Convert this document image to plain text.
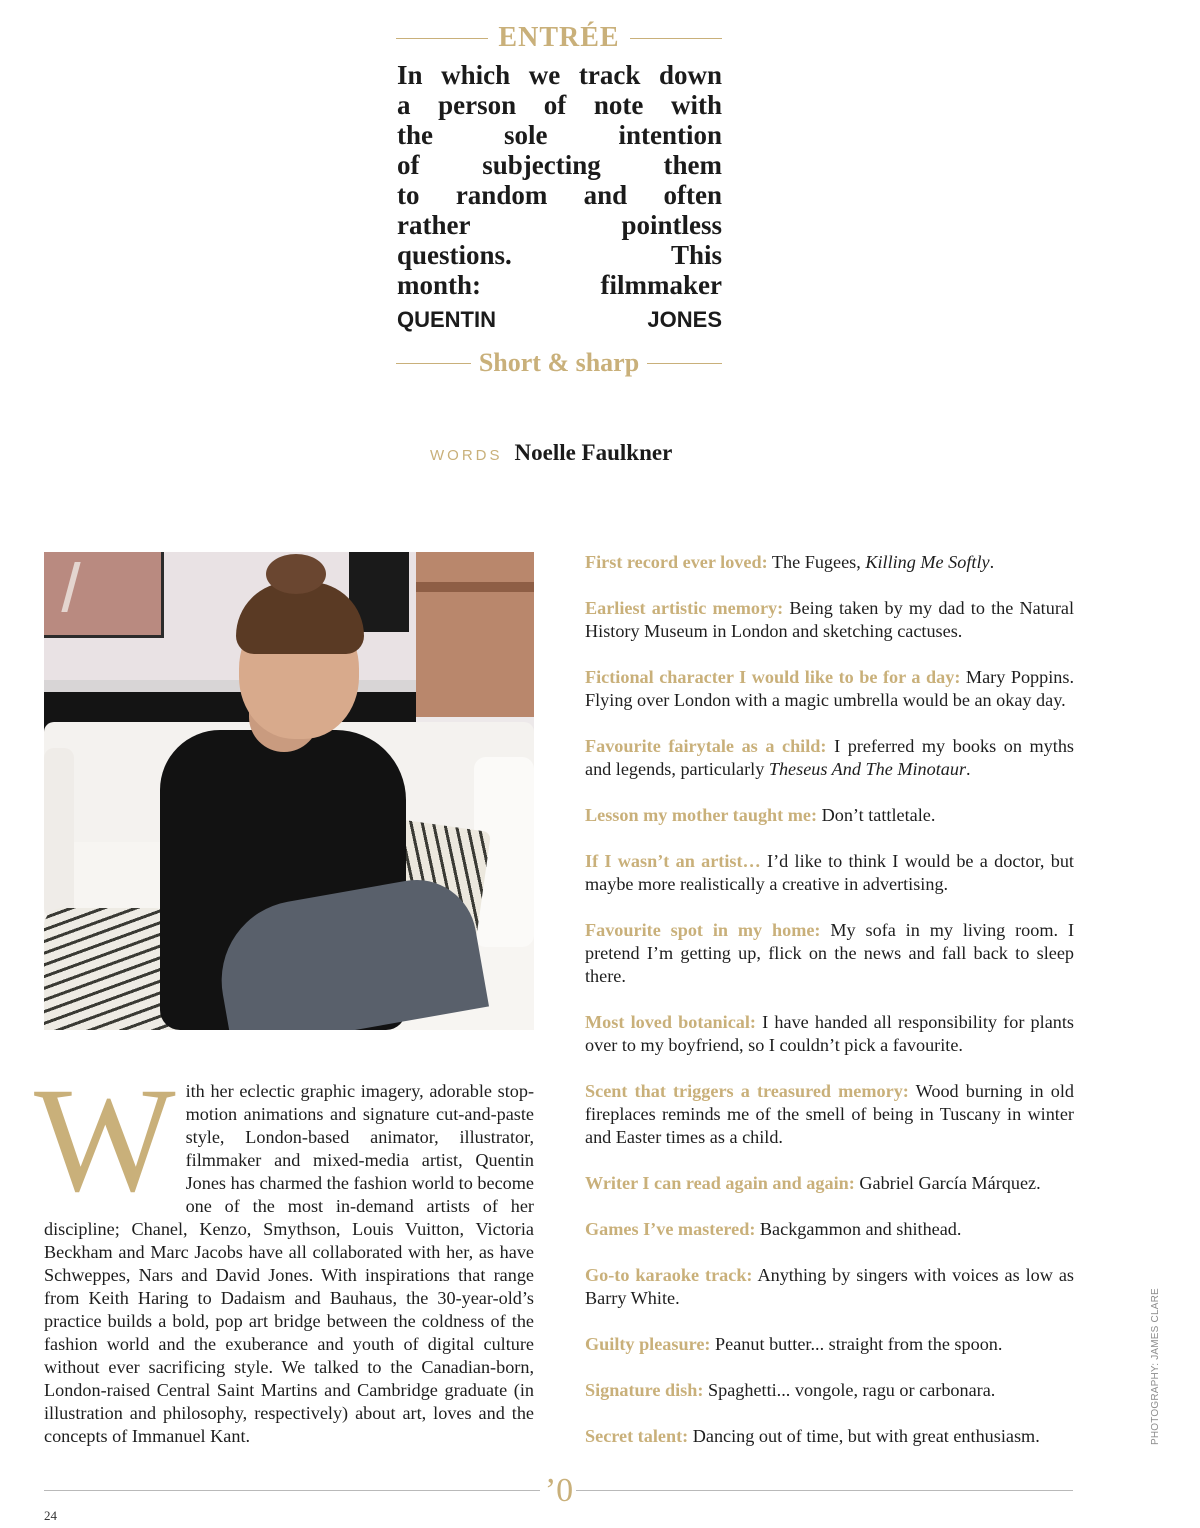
ENTRÉE
In which we track down
a person of note with
the	sole	intention
of subjecting them
to random and often
rather	pointless
questions.	This
month:	filmmaker
QUENTIN	JONES
Short & sharp
WORDS Noelle Faulkner
W ith her eclectic graphic imagery, adorable stop-motion animations and signature cut-and-paste style, London-based animator, illustrator, filmmaker and mixed-media artist, Quentin Jones has charmed the fashion world to become one of the most in-demand artists of her discipline; Chanel, Kenzo, Smythson, Louis Vuitton, Victoria Beckham and Marc Jacobs have all collaborated with her, as have Schweppes, Nars and David Jones. With inspirations that range from Keith Haring to Dadaism and Bauhaus, the 30-year-old’s practice builds a bold, pop art bridge between the coldness of the fashion world and the exuberance and youth of digital culture without ever sacrificing style. We talked to the Canadian-born, London-raised Central Saint Martins and Cambridge graduate (in illustration and philosophy, respectively) about art, loves and the concepts of Immanuel Kant.

First record ever loved: The Fugees, Killing Me Softly.

Earliest artistic memory: Being taken by my dad to the Natural History Museum in London and sketching cactuses.

Fictional character I would like to be for a day: Mary Poppins. Flying over London with a magic umbrella would be an okay day.

Favourite fairytale as a child: I preferred my books on myths and legends, particularly Theseus And The Minotaur.

Lesson my mother taught me: Don’t tattletale.

If I wasn’t an artist… I’d like to think I would be a doctor, but maybe more realistically a creative in advertising.

Favourite spot in my home: My sofa in my living room. I pretend I’m getting up, flick on the news and fall back to sleep there.

Most loved botanical: I have handed all responsibility for plants over to my boyfriend, so I couldn’t pick a favourite.

Scent that triggers a treasured memory: Wood burning in old fireplaces reminds me of the smell of being in Tuscany in winter and Easter times as a child.

Writer I can read again and again: Gabriel García Márquez.

Games I’ve mastered: Backgammon and shithead.

Go-to karaoke track: Anything by singers with voices as low as Barry White.

Guilty pleasure: Peanut butter... straight from the spoon.

Signature dish: Spaghetti... vongole, ragu or carbonara.

Secret talent: Dancing out of time, but with great enthusiasm.	PHOTOGRAPHY: JAMES CLARE
’0
24
